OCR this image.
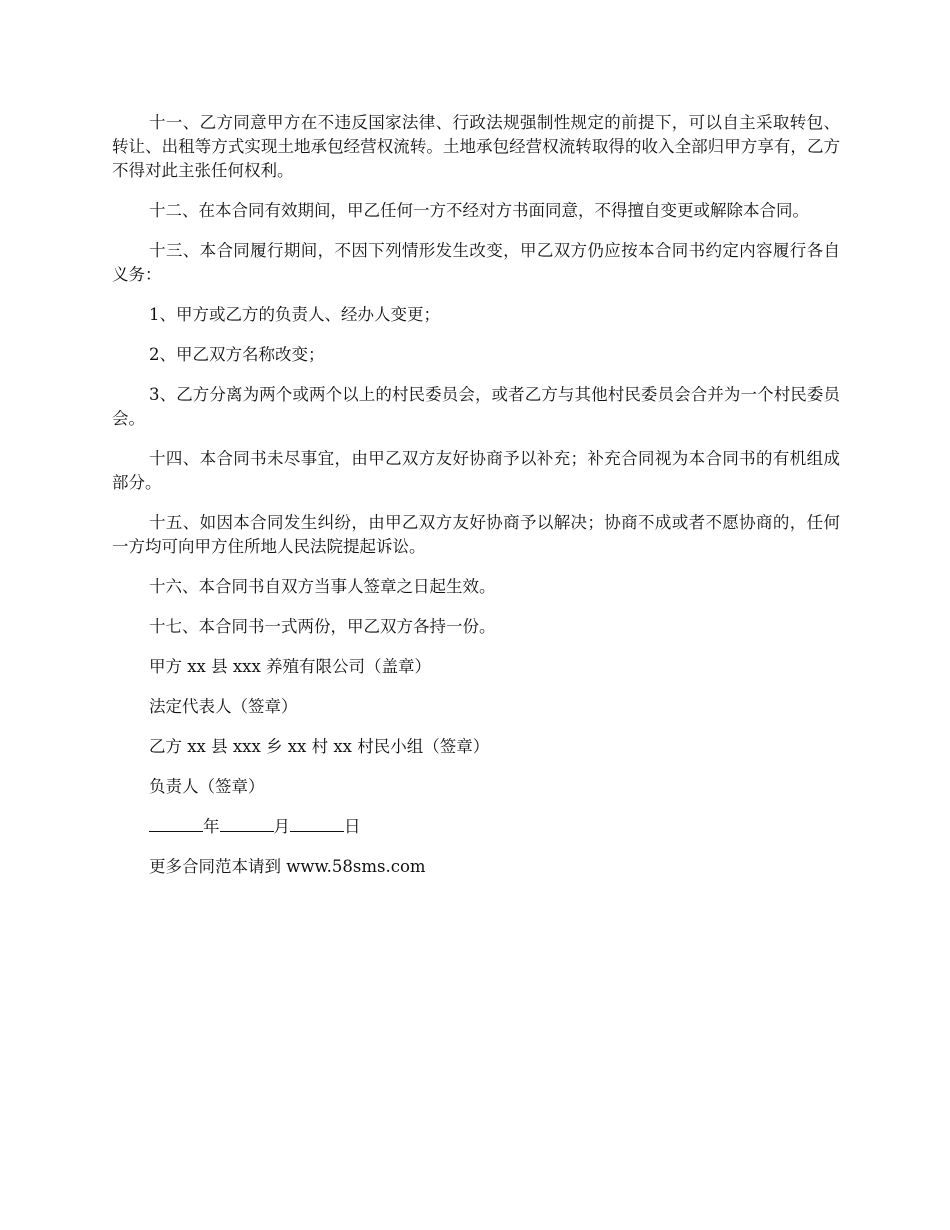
十一、乙方同意甲方在不违反国家法律、行政法规强制性规定的前提下，可以自主采取转包、转让、出租等方式实现土地承包经营权流转。土地承包经营权流转取得的收入全部归甲方享有，乙方不得对此主张任何权利。

十二、在本合同有效期间，甲乙任何一方不经对方书面同意，不得擅自变更或解除本合同。

十三、本合同履行期间，不因下列情形发生改变，甲乙双方仍应按本合同书约定内容履行各自义务：

1、甲方或乙方的负责人、经办人变更；

2、甲乙双方名称改变；

3、乙方分离为两个或两个以上的村民委员会，或者乙方与其他村民委员会合并为一个村民委员会。

十四、本合同书未尽事宜，由甲乙双方友好协商予以补充；补充合同视为本合同书的有机组成部分。

十五、如因本合同发生纠纷，由甲乙双方友好协商予以解决；协商不成或者不愿协商的，任何一方均可向甲方住所地人民法院提起诉讼。

十六、本合同书自双方当事人签章之日起生效。

十七、本合同书一式两份，甲乙双方各持一份。

甲方 xx 县 xxx 养殖有限公司（盖章）

法定代表人（签章）

乙方 xx 县 xxx 乡 xx 村 xx 村民小组（签章）

负责人（签章）

年	月	日

更多合同范本请到 www.58sms.com
